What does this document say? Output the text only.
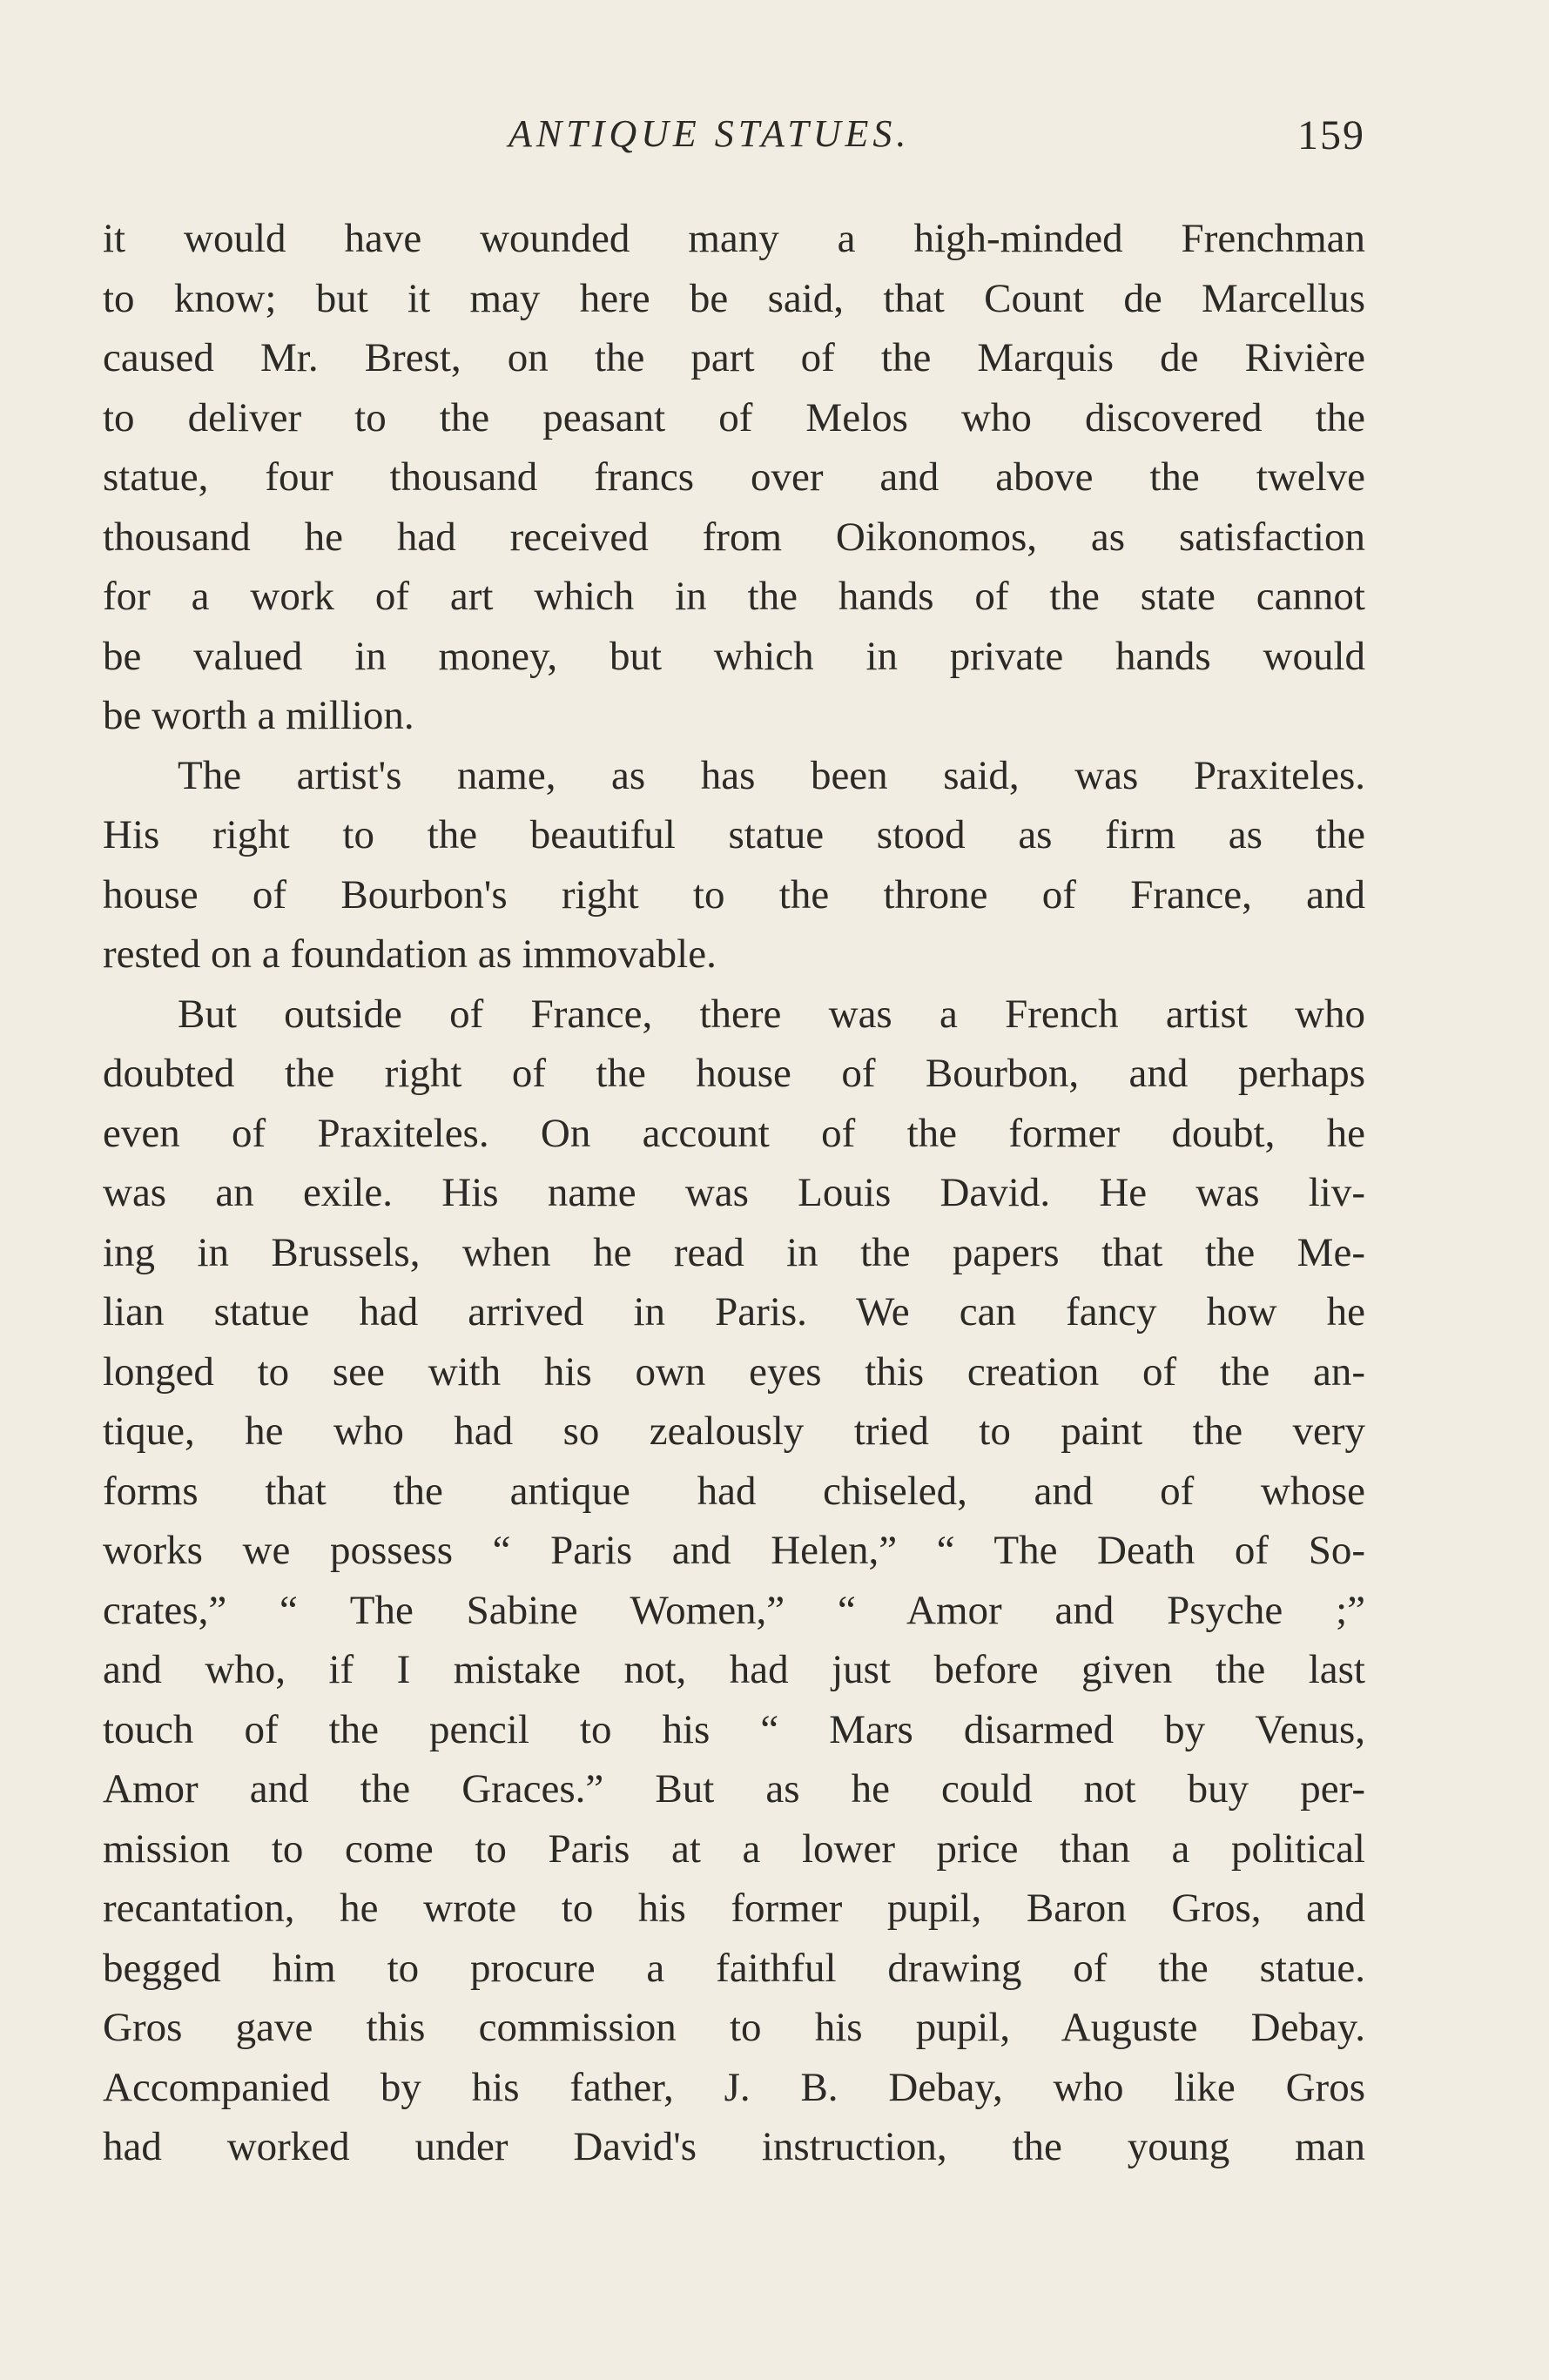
ANTIQUE STATUES.	159
it would have wounded many a high-minded Frenchman
to know; but it may here be said, that Count de Marcellus
caused Mr. Brest, on the part of the Marquis de Rivière
to deliver to the peasant of Melos who discovered the
statue, four thousand francs over and above the twelve
thousand he had received from Oikonomos, as satisfaction
for a work of art which in the hands of the state cannot
be valued in money, but which in private hands would
be worth a million.
The artist's name, as has been said, was Praxiteles.
His right to the beautiful statue stood as firm as the
house of Bourbon's right to the throne of France, and
rested on a foundation as immovable.
But outside of France, there was a French artist who
doubted the right of the house of Bourbon, and perhaps
even of Praxiteles. On account of the former doubt, he
was an exile. His name was Louis David. He was liv-
ing in Brussels, when he read in the papers that the Me-
lian statue had arrived in Paris. We can fancy how he
longed to see with his own eyes this creation of the an-
tique, he who had so zealously tried to paint the very
forms that the antique had chiseled, and of whose
works we possess “ Paris and Helen,” “ The Death of So-
crates,” “ The Sabine Women,” “ Amor and Psyche ;”
and who, if I mistake not, had just before given the last
touch of the pencil to his “ Mars disarmed by Venus,
Amor and the Graces.” But as he could not buy per-
mission to come to Paris at a lower price than a political
recantation, he wrote to his former pupil, Baron Gros, and
begged him to procure a faithful drawing of the statue.
Gros gave this commission to his pupil, Auguste Debay.
Accompanied by his father, J. B. Debay, who like Gros
had worked under David's instruction, the young man
